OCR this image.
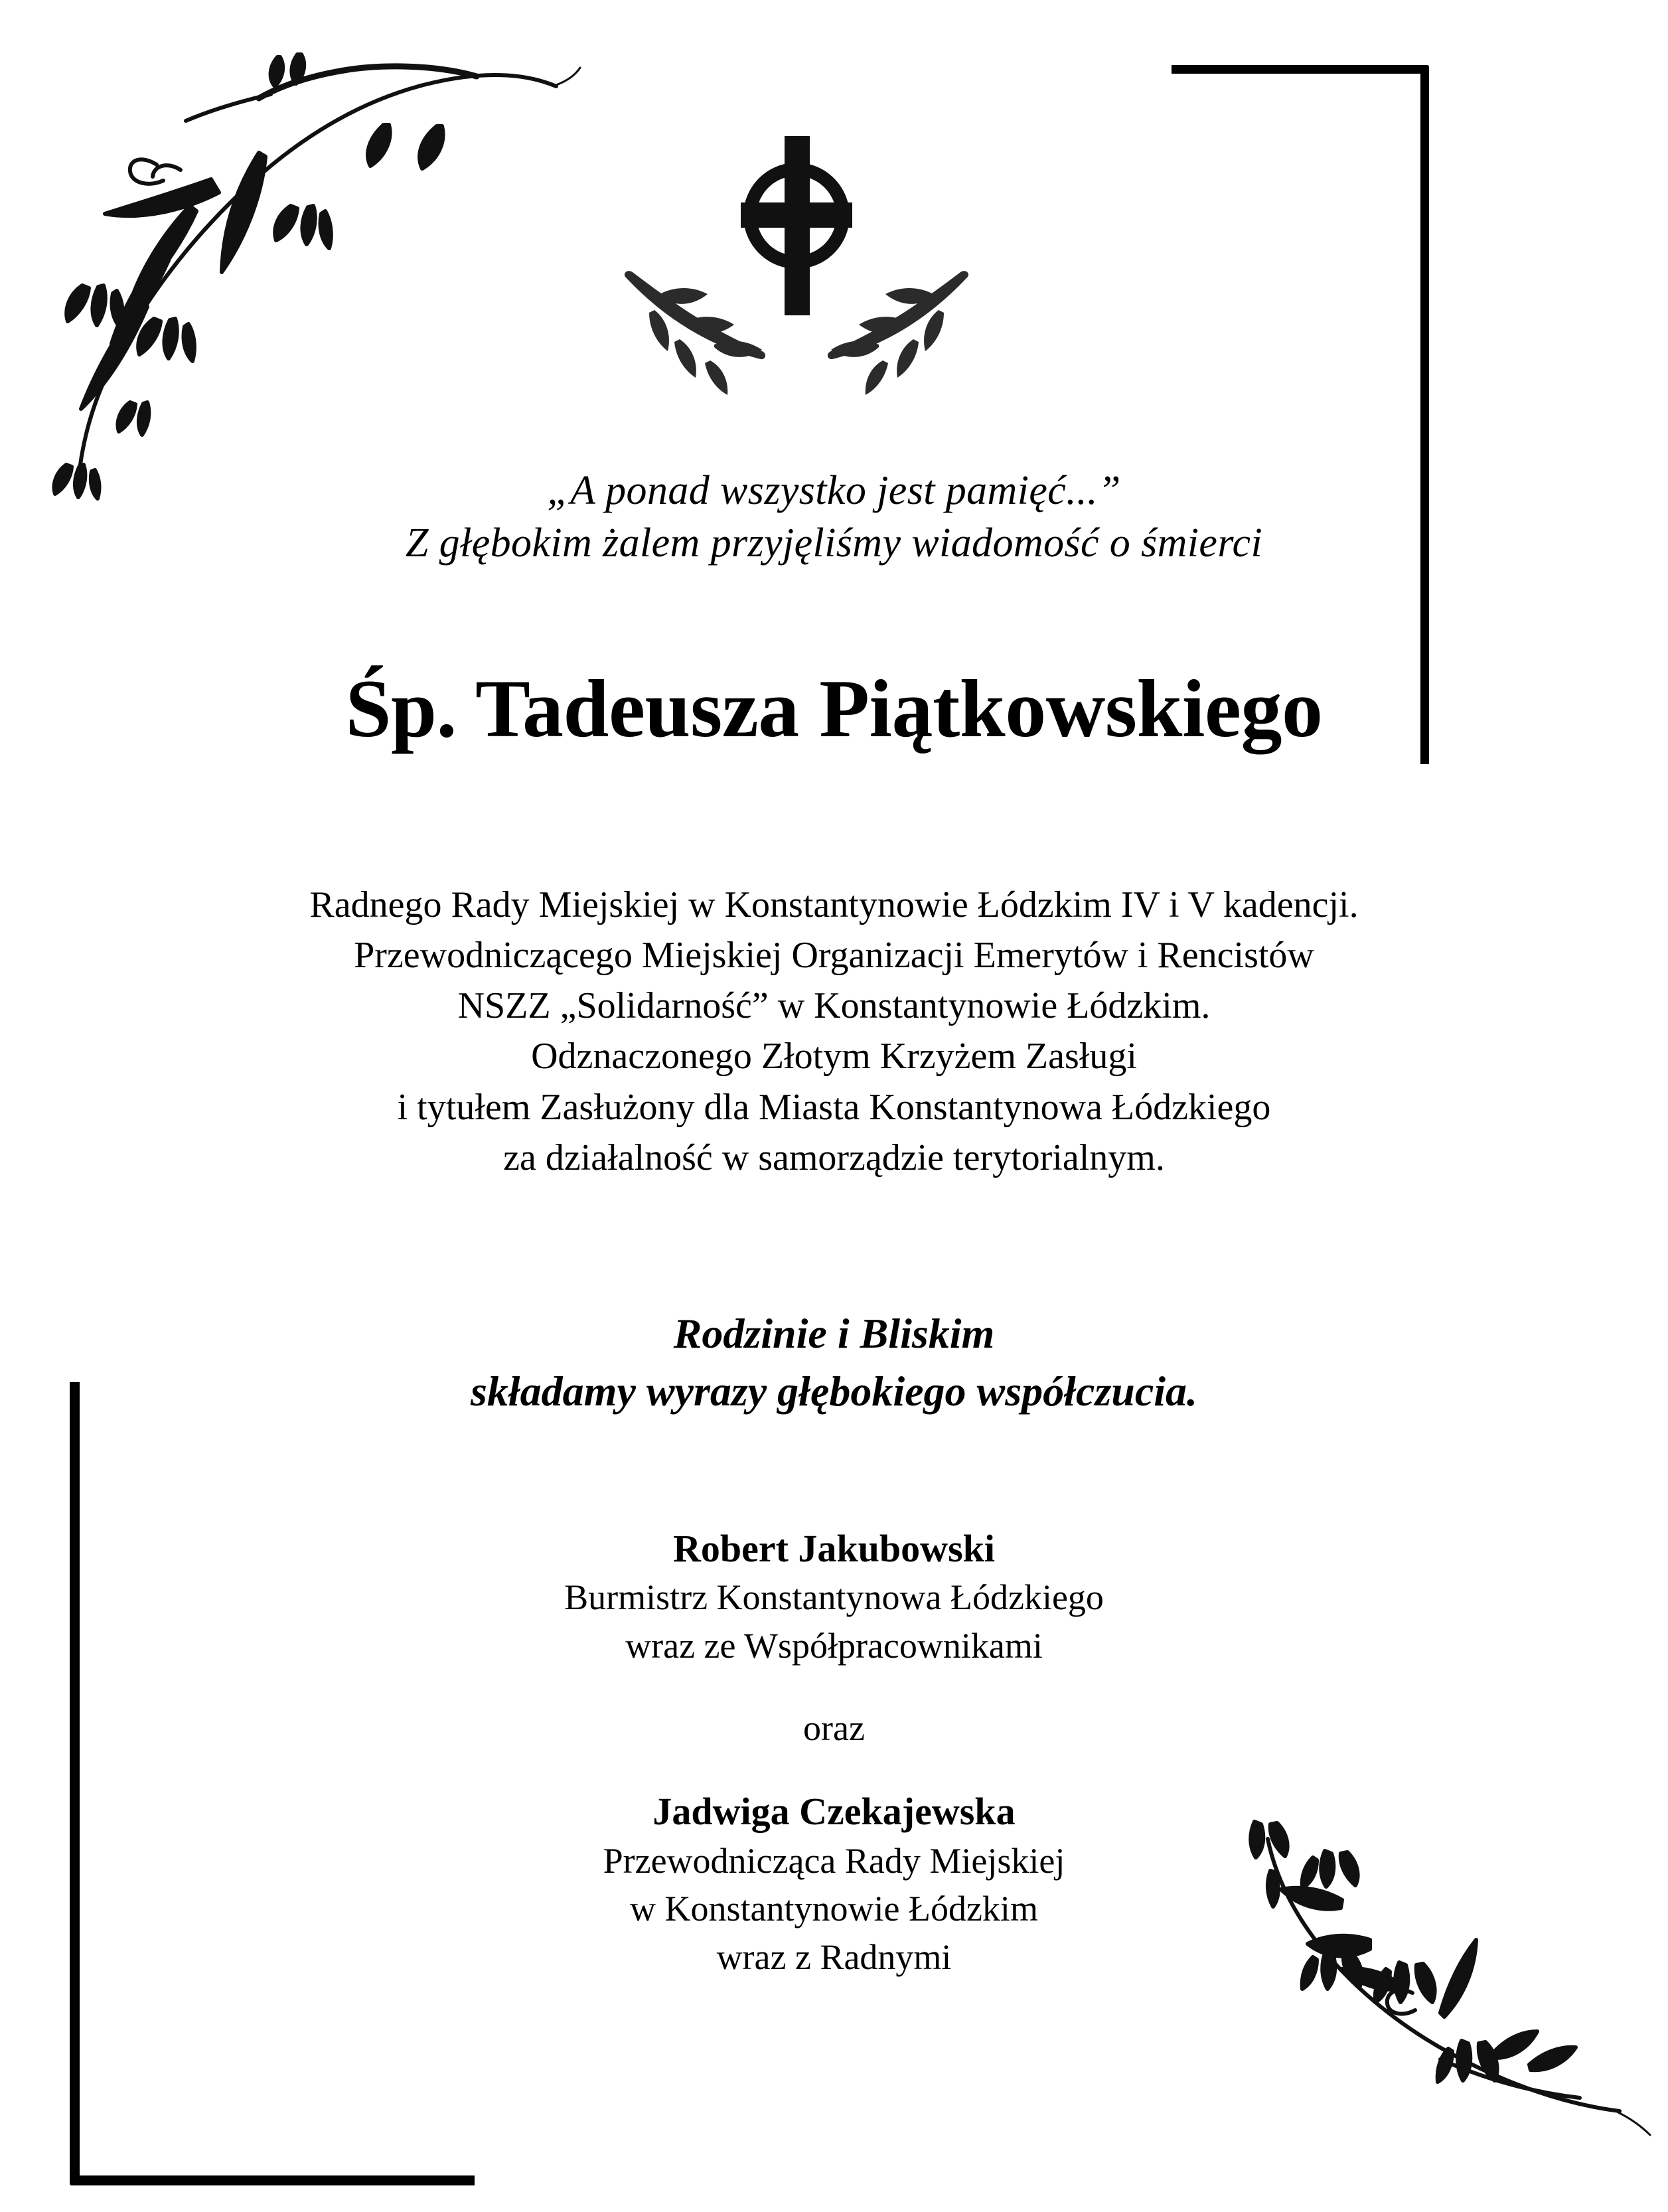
„A ponad wszystko jest pamięć...”
Z głębokim żalem przyjęliśmy wiadomość o śmierci
Śp. Tadeusza Piątkowskiego
Radnego Rady Miejskiej w Konstantynowie Łódzkim IV i V kadencji.
Przewodniczącego Miejskiej Organizacji Emerytów i Rencistów
NSZZ „Solidarność” w Konstantynowie Łódzkim.
Odznaczonego Złotym Krzyżem Zasługi
i tytułem Zasłużony dla Miasta Konstantynowa Łódzkiego
za działalność w samorządzie terytorialnym.
Rodzinie i Bliskim
składamy wyrazy głębokiego współczucia.
Robert Jakubowski
Burmistrz Konstantynowa Łódzkiego
wraz ze Współpracownikami
oraz
Jadwiga Czekajewska
Przewodnicząca Rady Miejskiej
w Konstantynowie Łódzkim
wraz z Radnymi
